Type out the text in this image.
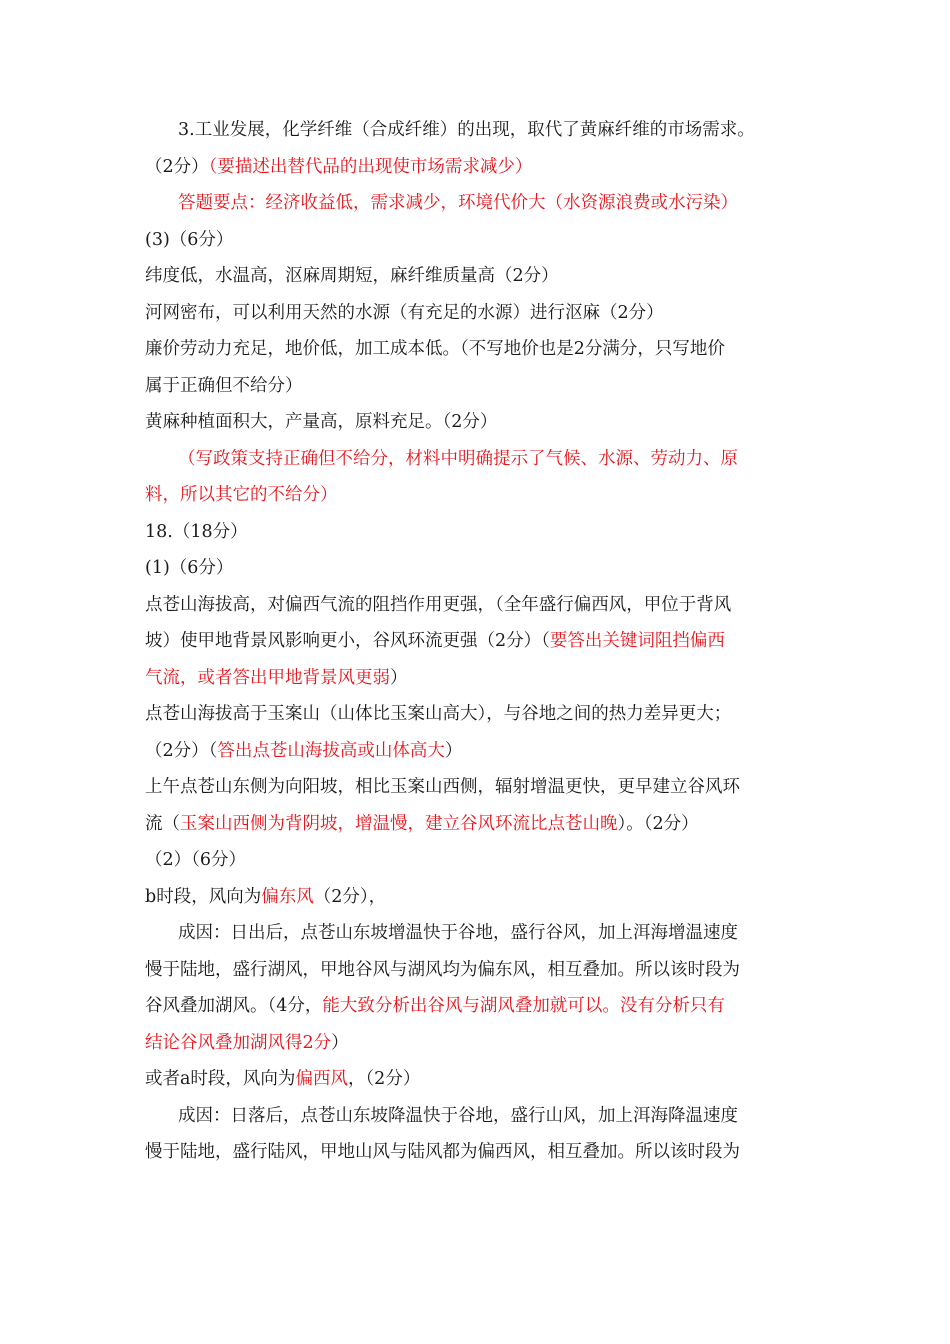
3.工业发展，化学纤维（合成纤维）的出现，取代了黄麻纤维的市场需求。
（2分）（要描述出替代品的出现使市场需求减少）
答题要点：经济收益低，需求减少，环境代价大（水资源浪费或水污染）
(3)（6分）
纬度低，水温高，沤麻周期短，麻纤维质量高（2分）
河网密布，可以利用天然的水源（有充足的水源）进行沤麻（2分）
廉价劳动力充足，地价低，加工成本低。（不写地价也是2分满分，只写地价
属于正确但不给分）
黄麻种植面积大，产量高，原料充足。（2分）
（写政策支持正确但不给分，材料中明确提示了气候、水源、劳动力、原
料，所以其它的不给分）
18.（18分）
(1)（6分）
点苍山海拔高，对偏西气流的阻挡作用更强，（全年盛行偏西风，甲位于背风
坡）使甲地背景风影响更小，谷风环流更强（2分）（要答出关键词阻挡偏西
气流，或者答出甲地背景风更弱）
点苍山海拔高于玉案山（山体比玉案山高大），与谷地之间的热力差异更大；
（2分）（答出点苍山海拔高或山体高大）
上午点苍山东侧为向阳坡，相比玉案山西侧，辐射增温更快，更早建立谷风环
流（玉案山西侧为背阴坡，增温慢，建立谷风环流比点苍山晚）。（2分）
（2）（6分）
b时段，风向为偏东风（2分），
成因：日出后，点苍山东坡增温快于谷地，盛行谷风，加上洱海增温速度
慢于陆地，盛行湖风，甲地谷风与湖风均为偏东风，相互叠加。所以该时段为
谷风叠加湖风。（4分，能大致分析出谷风与湖风叠加就可以。没有分析只有
结论谷风叠加湖风得2分）
或者a时段，风向为偏西风，（2分）
成因：日落后，点苍山东坡降温快于谷地，盛行山风，加上洱海降温速度
慢于陆地，盛行陆风，甲地山风与陆风都为偏西风，相互叠加。所以该时段为
